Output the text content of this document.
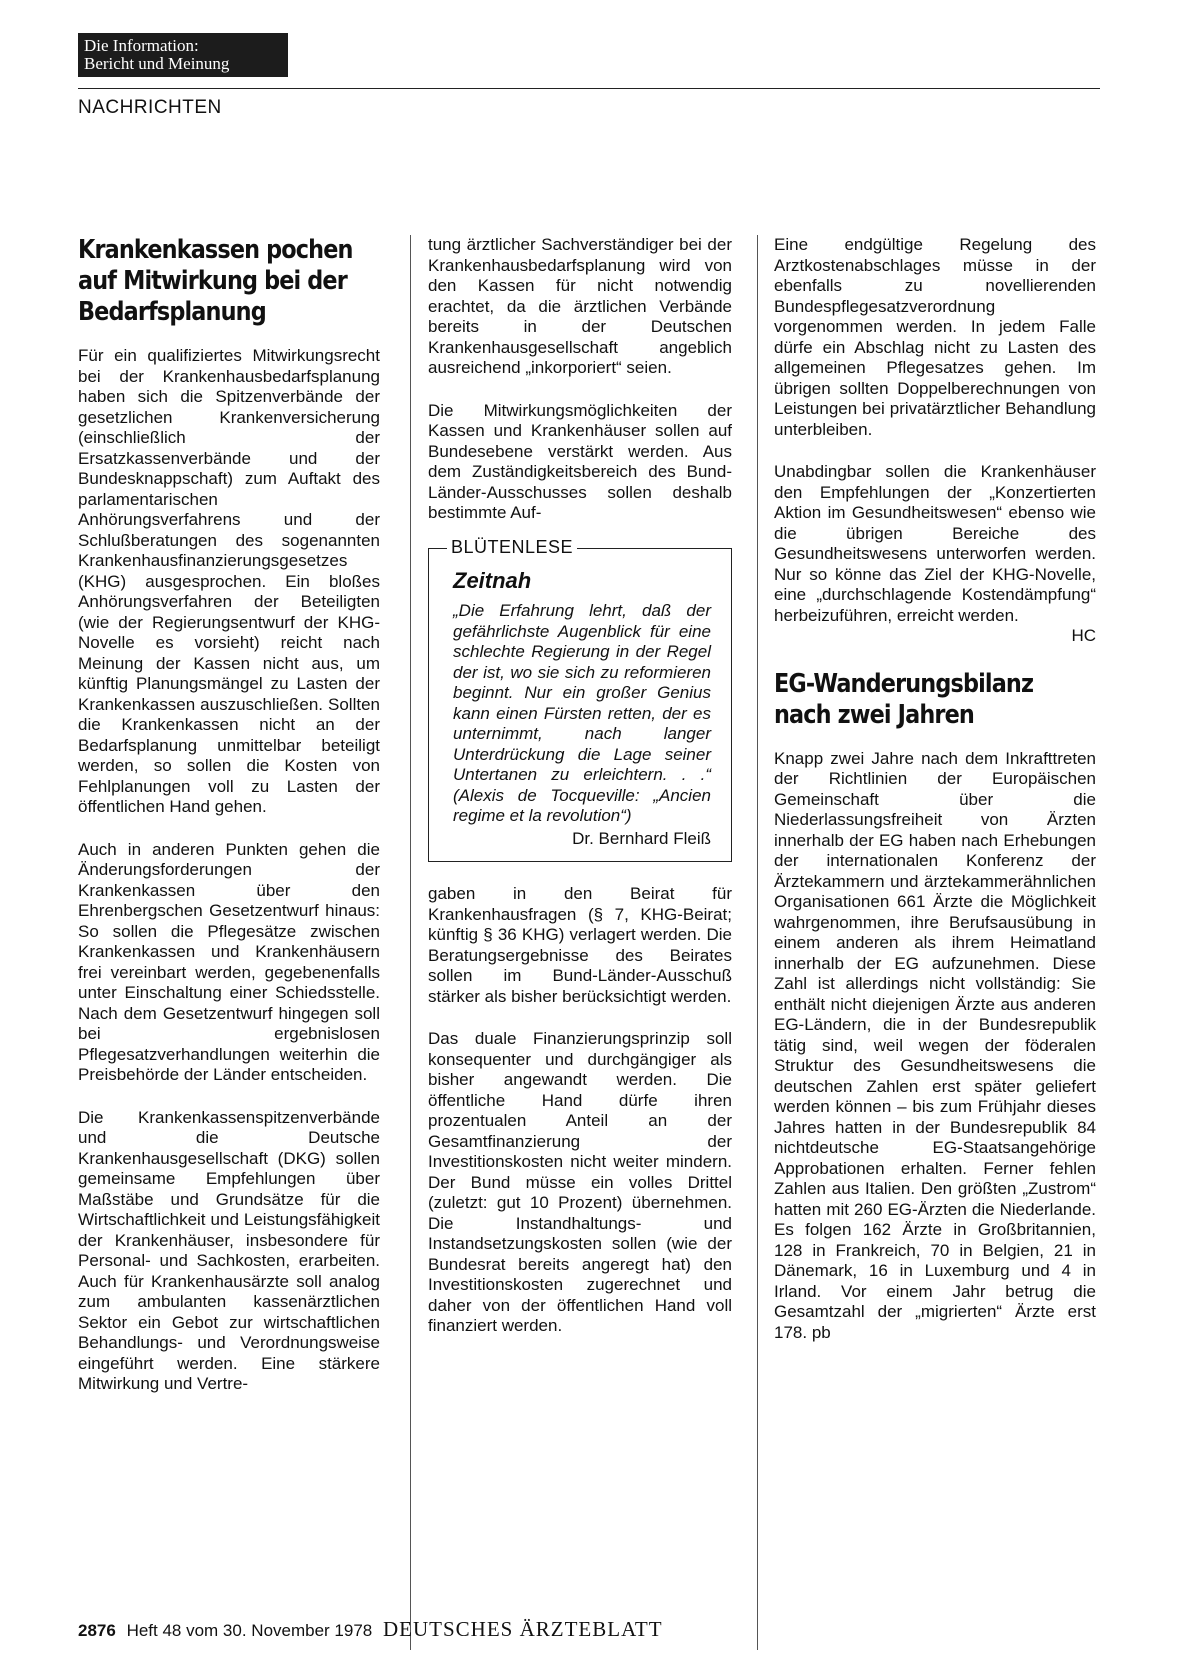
Die Information:
Bericht und Meinung
NACHRICHTEN
Krankenkassen pochen auf Mitwirkung bei der Bedarfsplanung

Für ein qualifiziertes Mitwirkungsrecht bei der Krankenhausbedarfsplanung haben sich die Spitzenverbände der gesetzlichen Krankenversicherung (einschließlich der Ersatzkassenverbände und der Bundesknappschaft) zum Auftakt des parlamentarischen Anhörungsverfahrens und der Schlußberatungen des sogenannten Krankenhausfinanzierungsgesetzes (KHG) ausgesprochen. Ein bloßes Anhörungsverfahren der Beteiligten (wie der Regierungsentwurf der KHG-Novelle es vorsieht) reicht nach Meinung der Kassen nicht aus, um künftig Planungsmängel zu Lasten der Krankenkassen auszuschließen. Sollten die Krankenkassen nicht an der Bedarfsplanung unmittelbar beteiligt werden, so sollen die Kosten von Fehlplanungen voll zu Lasten der öffentlichen Hand gehen.

Auch in anderen Punkten gehen die Änderungsforderungen der Krankenkassen über den Ehrenbergschen Gesetzentwurf hinaus: So sollen die Pflegesätze zwischen Krankenkassen und Krankenhäusern frei vereinbart werden, gegebenenfalls unter Einschaltung einer Schiedsstelle. Nach dem Gesetzentwurf hingegen soll bei ergebnislosen Pflegesatzverhandlungen weiterhin die Preisbehörde der Länder entscheiden.

Die Krankenkassenspitzenverbände und die Deutsche Krankenhausgesellschaft (DKG) sollen gemeinsame Empfehlungen über Maßstäbe und Grundsätze für die Wirtschaftlichkeit und Leistungsfähigkeit der Krankenhäuser, insbesondere für Personal- und Sachkosten, erarbeiten. Auch für Krankenhausärzte soll analog zum ambulanten kassenärztlichen Sektor ein Gebot zur wirtschaftlichen Behandlungs- und Verordnungsweise eingeführt werden. Eine stärkere Mitwirkung und Vertre-

tung ärztlicher Sachverständiger bei der Krankenhausbedarfsplanung wird von den Kassen für nicht notwendig erachtet, da die ärztlichen Verbände bereits in der Deutschen Krankenhausgesellschaft angeblich ausreichend „inkorporiert“ seien.

Die Mitwirkungsmöglichkeiten der Kassen und Krankenhäuser sollen auf Bundesebene verstärkt werden. Aus dem Zuständigkeitsbereich des Bund-Länder-Ausschusses sollen deshalb bestimmte Auf-

BLÜTENLESE
Zeitnah

„Die Erfahrung lehrt, daß der gefährlichste Augenblick für eine schlechte Regierung in der Regel der ist, wo sie sich zu reformieren beginnt. Nur ein großer Genius kann einen Fürsten retten, der es unternimmt, nach langer Unterdrückung die Lage seiner Untertanen zu erleichtern. . .“ (Alexis de Tocqueville: „Ancien regime et la revolution“)

Dr. Bernhard Fleiß

gaben in den Beirat für Krankenhausfragen (§ 7, KHG-Beirat; künftig § 36 KHG) verlagert werden. Die Beratungsergebnisse des Beirates sollen im Bund-Länder-Ausschuß stärker als bisher berücksichtigt werden.

Das duale Finanzierungsprinzip soll konsequenter und durchgängiger als bisher angewandt werden. Die öffentliche Hand dürfe ihren prozentualen Anteil an der Gesamtfinanzierung der Investitionskosten nicht weiter mindern. Der Bund müsse ein volles Drittel (zuletzt: gut 10 Prozent) übernehmen. Die Instandhaltungs- und Instandsetzungskosten sollen (wie der Bundesrat bereits angeregt hat) den Investitionskosten zugerechnet und daher von der öffentlichen Hand voll finanziert werden.

Eine endgültige Regelung des Arztkostenabschlages müsse in der ebenfalls zu novellierenden Bundespflegesatzverordnung vorgenommen werden. In jedem Falle dürfe ein Abschlag nicht zu Lasten des allgemeinen Pflegesatzes gehen. Im übrigen sollten Doppelberechnungen von Leistungen bei privatärztlicher Behandlung unterbleiben.

Unabdingbar sollen die Krankenhäuser den Empfehlungen der „Konzertierten Aktion im Gesundheitswesen“ ebenso wie die übrigen Bereiche des Gesundheitswesens unterworfen werden. Nur so könne das Ziel der KHG-Novelle, eine „durchschlagende Kostendämpfung“ herbeizuführen, erreicht werden.
HC

EG-Wanderungsbilanz nach zwei Jahren

Knapp zwei Jahre nach dem Inkrafttreten der Richtlinien der Europäischen Gemeinschaft über die Niederlassungsfreiheit von Ärzten innerhalb der EG haben nach Erhebungen der internationalen Konferenz der Ärztekammern und ärztekammerähnlichen Organisationen 661 Ärzte die Möglichkeit wahrgenommen, ihre Berufsausübung in einem anderen als ihrem Heimatland innerhalb der EG aufzunehmen. Diese Zahl ist allerdings nicht vollständig: Sie enthält nicht diejenigen Ärzte aus anderen EG-Ländern, die in der Bundesrepublik tätig sind, weil wegen der föderalen Struktur des Gesundheitswesens die deutschen Zahlen erst später geliefert werden können – bis zum Frühjahr dieses Jahres hatten in der Bundesrepublik 84 nichtdeutsche EG-Staatsangehörige Approbationen erhalten. Ferner fehlen Zahlen aus Italien. Den größten „Zustrom“ hatten mit 260 EG-Ärzten die Niederlande. Es folgen 162 Ärzte in Großbritannien, 128 in Frankreich, 70 in Belgien, 21 in Dänemark, 16 in Luxemburg und 4 in Irland. Vor einem Jahr betrug die Gesamtzahl der „migrierten“ Ärzte erst 178. pb

2876 Heft 48 vom 30. November 1978 DEUTSCHES ÄRZTEBLATT
